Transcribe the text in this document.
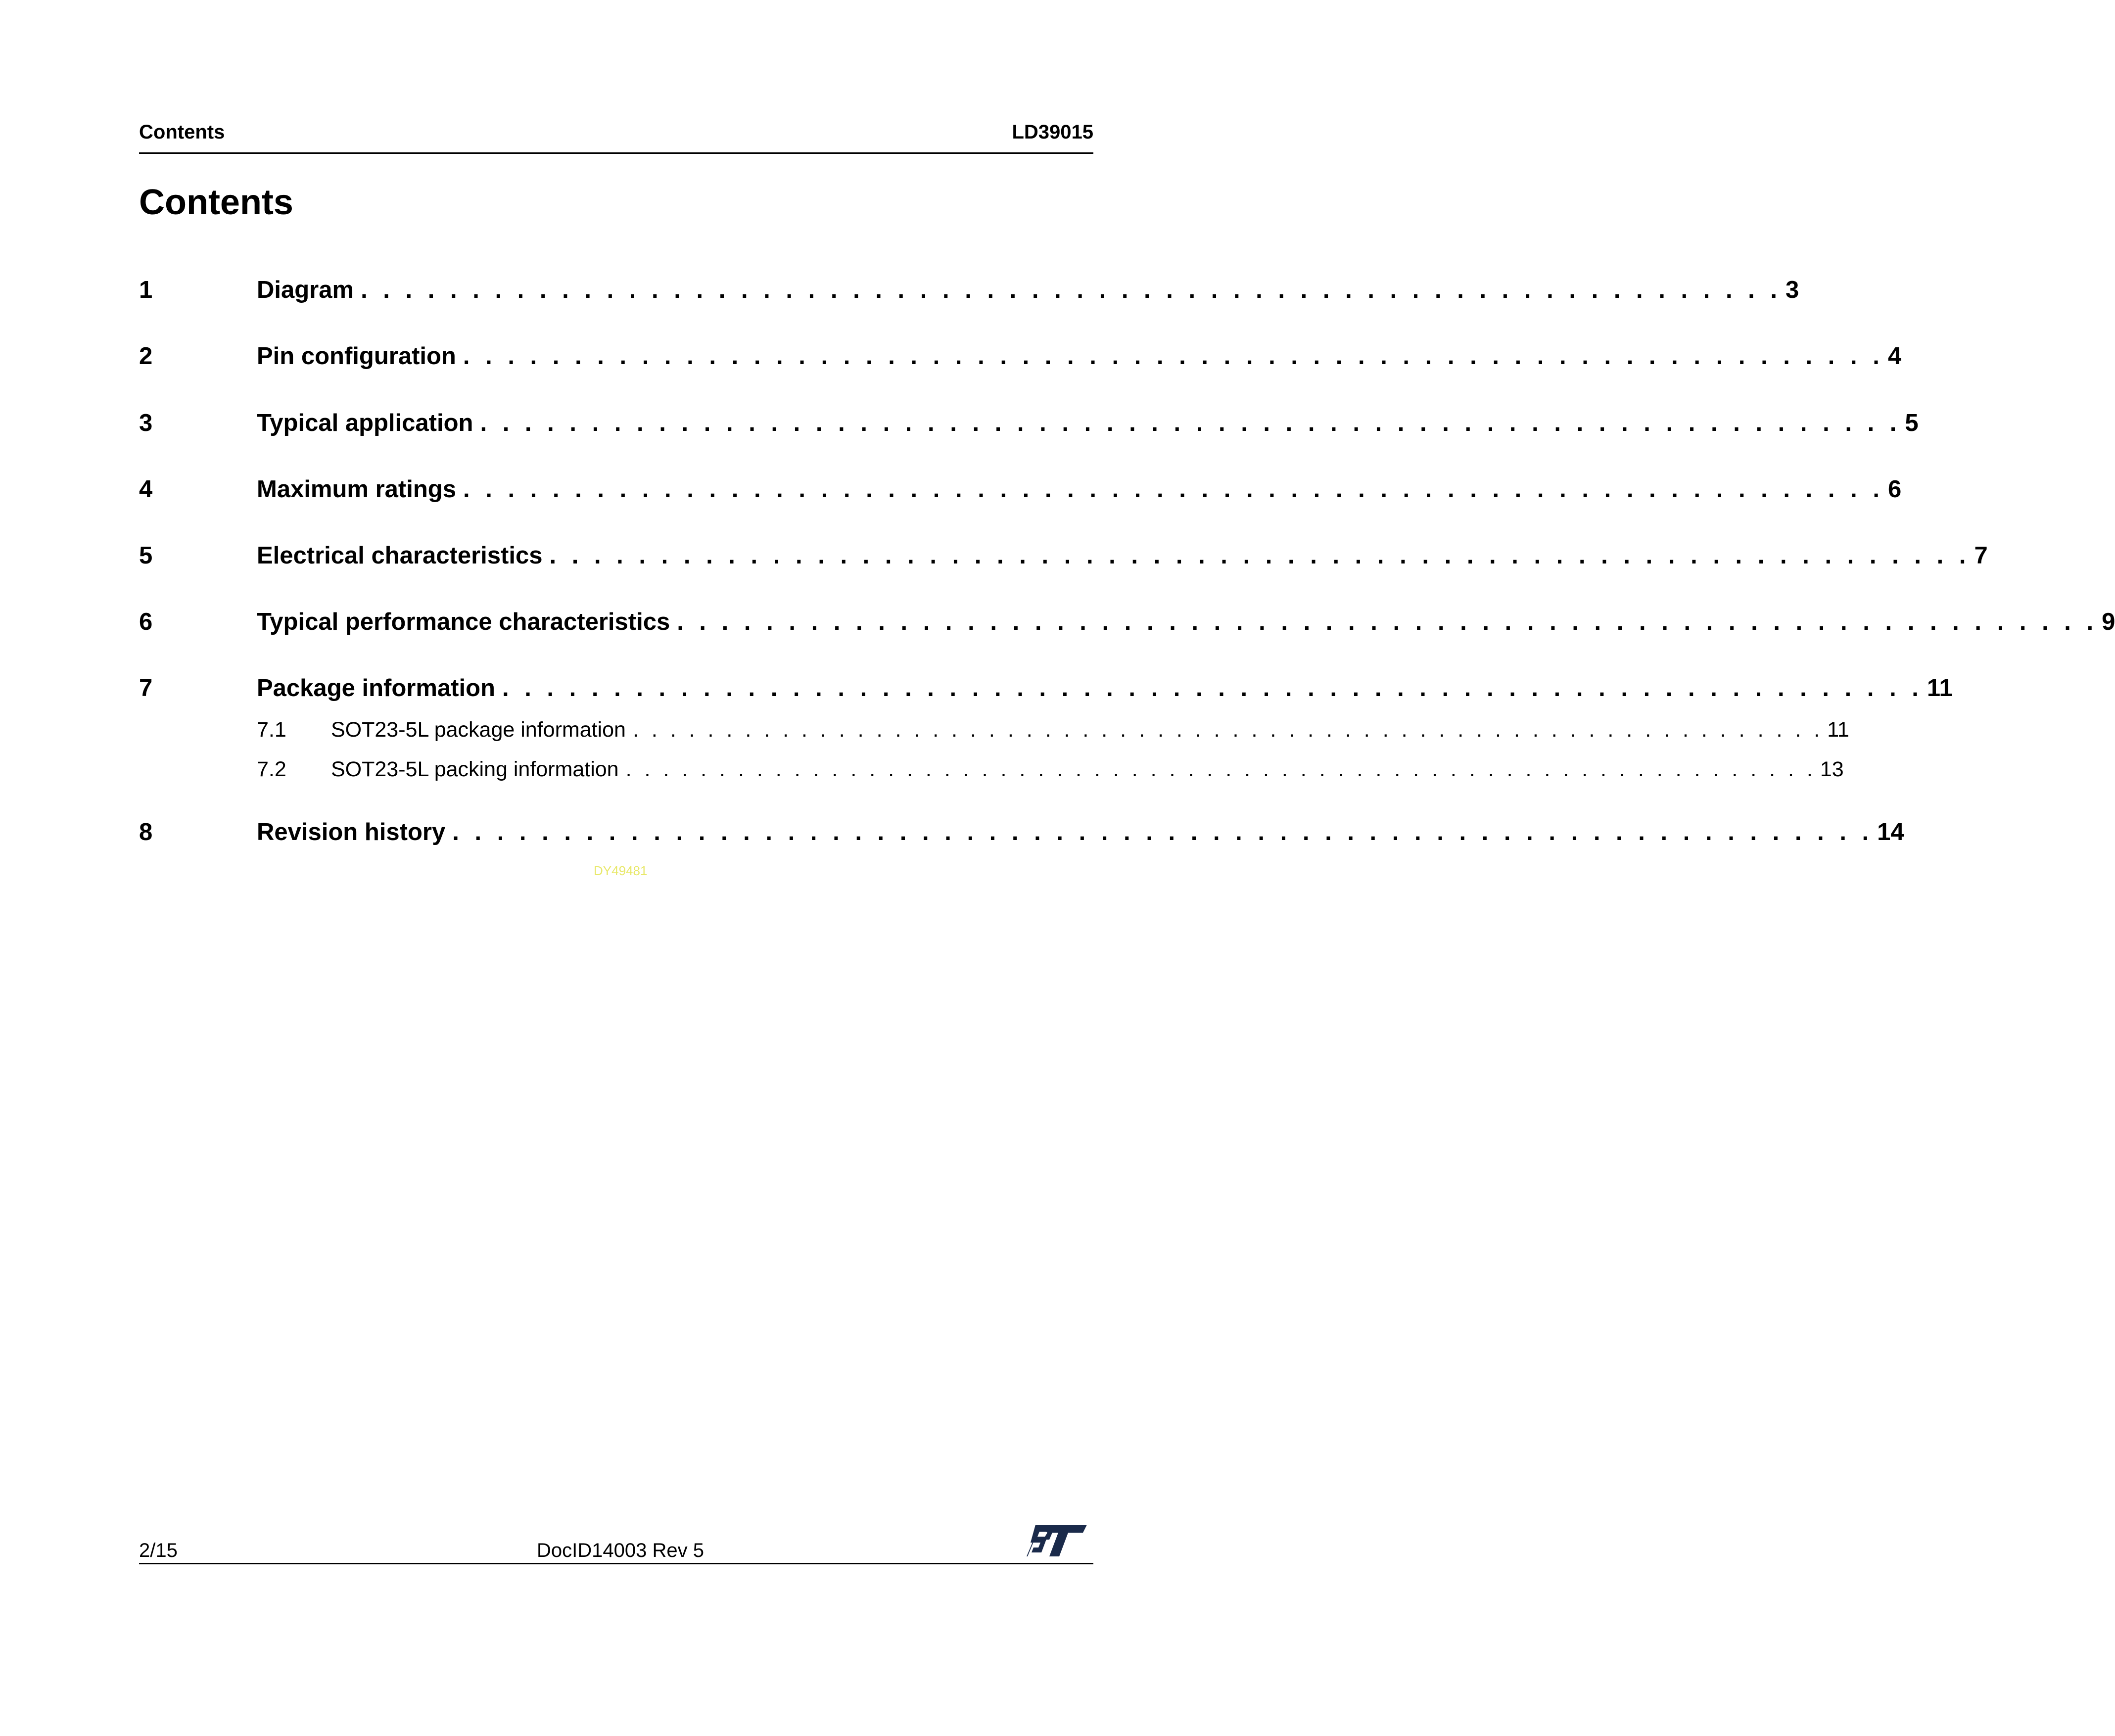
Contents	LD39015
Contents
1	Diagram . . . . . . . . . . . . . . . . . . . . . . . . . . . . . . . . . . . . . . . . . . . . . . . . . . . . . . . . . . . . . . . . 3
2	Pin configuration . . . . . . . . . . . . . . . . . . . . . . . . . . . . . . . . . . . . . . . . . . . . . . . . . . . . . . . . . . . . . . . . 4
3	Typical application . . . . . . . . . . . . . . . . . . . . . . . . . . . . . . . . . . . . . . . . . . . . . . . . . . . . . . . . . . . . . . . . 5
4	Maximum ratings . . . . . . . . . . . . . . . . . . . . . . . . . . . . . . . . . . . . . . . . . . . . . . . . . . . . . . . . . . . . . . . . 6
5	Electrical characteristics . . . . . . . . . . . . . . . . . . . . . . . . . . . . . . . . . . . . . . . . . . . . . . . . . . . . . . . . . . . . . . . . 7
6	Typical performance characteristics . . . . . . . . . . . . . . . . . . . . . . . . . . . . . . . . . . . . . . . . . . . . . . . . . . . . . . . . . . . . . . . . 9
7	Package information . . . . . . . . . . . . . . . . . . . . . . . . . . . . . . . . . . . . . . . . . . . . . . . . . . . . . . . . . . . . . . . . 11
7.1	SOT23-5L package information . . . . . . . . . . . . . . . . . . . . . . . . . . . . . . . . . . . . . . . . . . . . . . . . . . . . . . . . . . . . . . . . 11
7.2	SOT23-5L packing information . . . . . . . . . . . . . . . . . . . . . . . . . . . . . . . . . . . . . . . . . . . . . . . . . . . . . . . . . . . . . . . . 13
8	Revision history . . . . . . . . . . . . . . . . . . . . . . . . . . . . . . . . . . . . . . . . . . . . . . . . . . . . . . . . . . . . . . . . 14
DY49481
2/15	DocID14003 Rev 5
